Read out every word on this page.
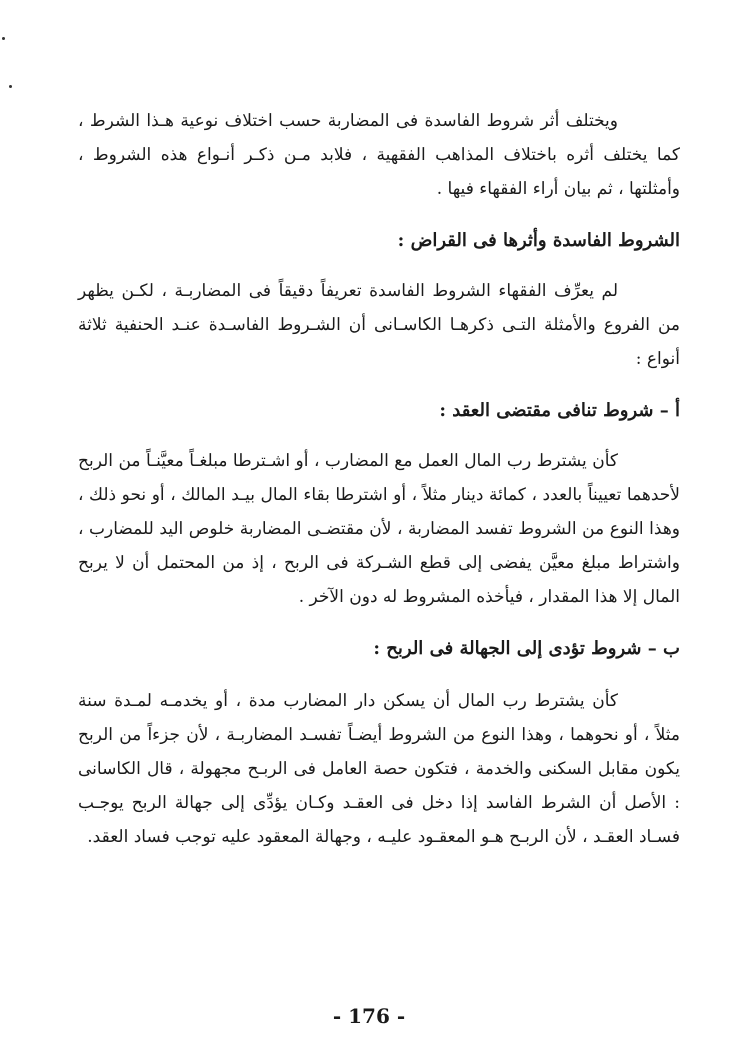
ويختلف أثر شروط الفاسدة فى المضاربة حسب اختلاف نوعية هـذا الشرط ، كما يختلف أثره باختلاف المذاهب الفقهية ، فلابد مـن ذكـر أنـواع هذه الشروط ، وأمثلتها ، ثم بيان أراء الفقهاء فيها .

الشروط الفاسدة وأثرها فى القراض :

لم يعرِّف الفقهاء الشروط الفاسدة تعريفاً دقيقاً فى المضاربـة ، لكـن يظهر من الفروع والأمثلة التـى ذكرهـا الكاسـانى أن الشـروط الفاسـدة عنـد الحنفية ثلاثة أنواع :

أ – شروط تنافى مقتضى العقد :

كأن يشترط رب المال العمل مع المضارب ، أو اشـترطا مبلغـاً معيَّنـاً من الربح لأحدهما تعييناً بالعدد ، كمائة دينار مثلاً ، أو اشترطا بقاء المال بيـد المالك ، أو نحو ذلك ، وهذا النوع من الشروط تفسد المضاربة ، لأن مقتضـى المضاربة خلوص اليد للمضارب ، واشتراط مبلغ معيَّن يفضى إلى قطع الشـركة فى الربح ، إذ من المحتمل أن لا يربح المال إلا هذا المقدار ، فيأخذه المشروط له دون الآخر .

ب – شروط تؤدى إلى الجهالة فى الربح :

كأن يشترط رب المال أن يسكن دار المضارب مدة ، أو يخدمـه لمـدة سنة مثلاً ، أو نحوهما ، وهذا النوع من الشروط أيضـاً تفسـد المضاربـة ، لأن جزءاً من الربح يكون مقابل السكنى والخدمة ، فتكون حصة العامل فى الربـح مجهولة ، قال الكاسانى : الأصل أن الشرط الفاسد إذا دخل فى العقـد وكـان يؤدِّى إلى جهالة الربح يوجـب فسـاد العقـد ، لأن الربـح هـو المعقـود عليـه ، وجهالة المعقود عليه توجب فساد العقد.

- 176 -
